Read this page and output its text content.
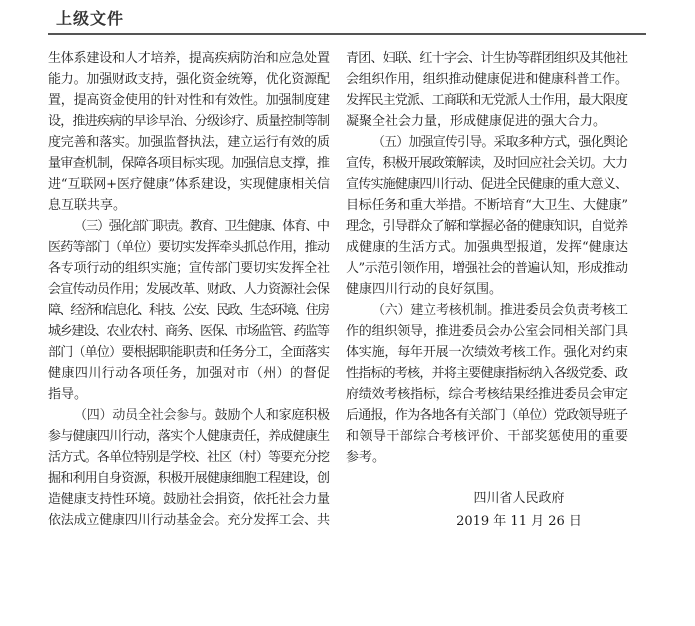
上级文件
生体系建设和人才培养，提高疾病防治和应急处置
能力。加强财政支持，强化资金统筹，优化资源配
置，提高资金使用的针对性和有效性。加强制度建
设，推进疾病的早诊早治、分级诊疗、质量控制等制
度完善和落实。加强监督执法，建立运行有效的质
量审查机制，保障各项目标实现。加强信息支撑，推
进“互联网+医疗健康”体系建设，实现健康相关信
息互联共享。
（三）强化部门职责。教育、卫生健康、体育、中
医药等部门（单位）要切实发挥牵头抓总作用，推动
各专项行动的组织实施；宣传部门要切实发挥全社
会宣传动员作用；发展改革、财政、人力资源社会保
障、经济和信息化、科技、公安、民政、生态环境、住房
城乡建设、农业农村、商务、医保、市场监管、药监等
部门（单位）要根据职能职责和任务分工，全面落实
健康四川行动各项任务，加强对市（州）的督促
指导。
（四）动员全社会参与。鼓励个人和家庭积极
参与健康四川行动，落实个人健康责任，养成健康生
活方式。各单位特别是学校、社区（村）等要充分挖
掘和利用自身资源，积极开展健康细胞工程建设，创
造健康支持性环境。鼓励社会捐资，依托社会力量
依法成立健康四川行动基金会。充分发挥工会、共
青团、妇联、红十字会、计生协等群团组织及其他社
会组织作用，组织推动健康促进和健康科普工作。
发挥民主党派、工商联和无党派人士作用，最大限度
凝聚全社会力量，形成健康促进的强大合力。
（五）加强宣传引导。采取多种方式，强化舆论
宣传，积极开展政策解读，及时回应社会关切。大力
宣传实施健康四川行动、促进全民健康的重大意义、
目标任务和重大举措。不断培育“大卫生、大健康”
理念，引导群众了解和掌握必备的健康知识，自觉养
成健康的生活方式。加强典型报道，发挥“健康达
人”示范引领作用，增强社会的普遍认知，形成推动
健康四川行动的良好氛围。
（六）建立考核机制。推进委员会负责考核工
作的组织领导，推进委员会办公室会同相关部门具
体实施，每年开展一次绩效考核工作。强化对约束
性指标的考核，并将主要健康指标纳入各级党委、政
府绩效考核指标，综合考核结果经推进委员会审定
后通报，作为各地各有关部门（单位）党政领导班子
和领导干部综合考核评价、干部奖惩使用的重要
参考。
四川省人民政府
2019 年 11 月 26 日
